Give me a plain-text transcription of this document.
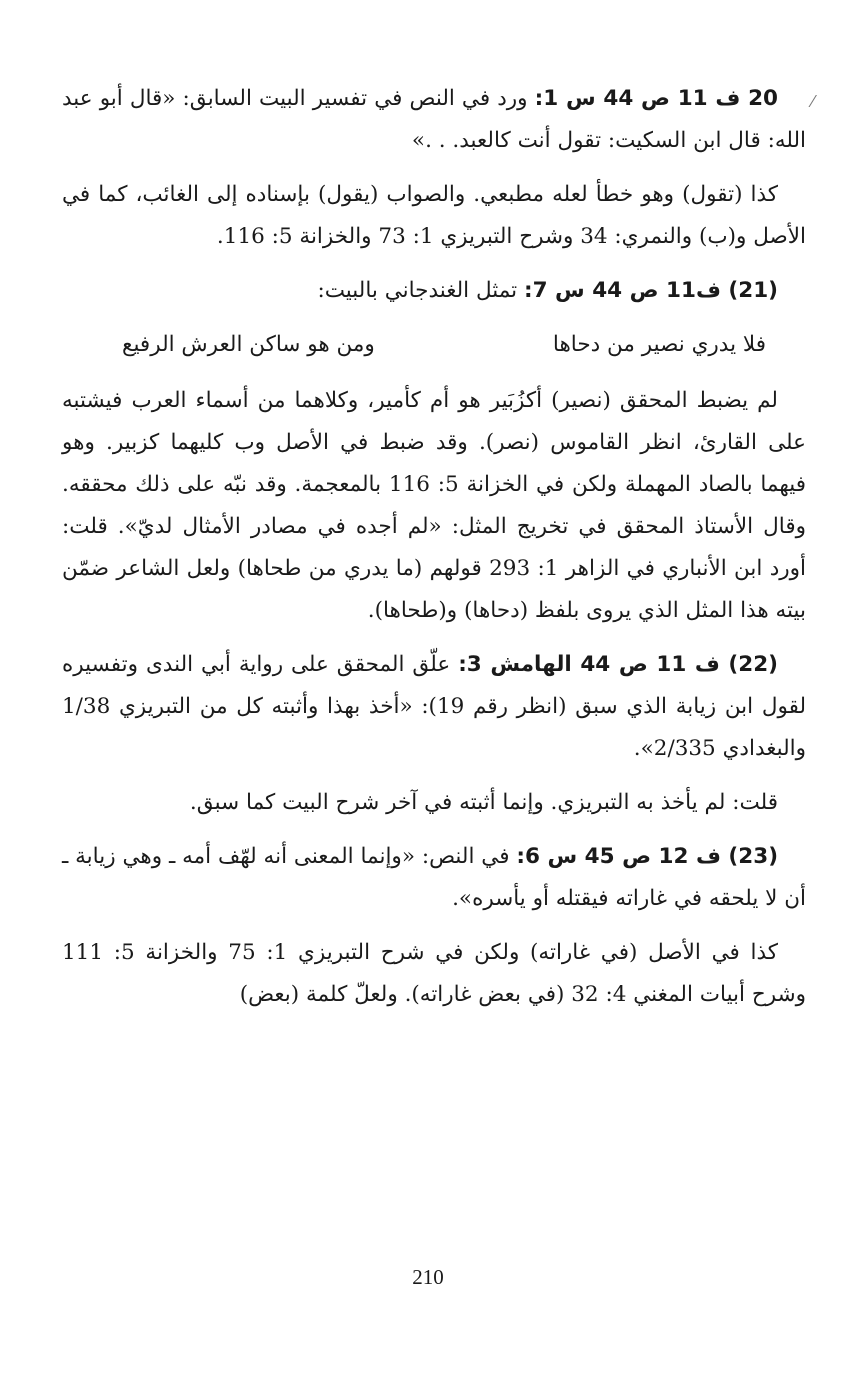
⁄

20 ف 11 ص 44 س 1: ورد في النص في تفسير البيت السابق: «قال أبو عبد الله: قال ابن السكيت: تقول أنت كالعبد. . .»

كذا (تقول) وهو خطأ لعله مطبعي. والصواب (يقول) بإسناده إلى الغائب، كما في الأصل و(ب) والنمري: 34 وشرح التبريزي 1: 73 والخزانة 5: 116.

(21) ف11 ص 44 س 7: تمثل الغندجاني بالبيت:

فلا يدري نصير من دحاها
ومن هو ساكن العرش الرفيع

لم يضبط المحقق (نصير) أكزُبَير هو أم كأمير، وكلاهما من أسماء العرب فيشتبه على القارئ، انظر القاموس (نصر). وقد ضبط في الأصل وب كليهما كزبير. وهو فيهما بالصاد المهملة ولكن في الخزانة 5: 116 بالمعجمة. وقد نبّه على ذلك محققه. وقال الأستاذ المحقق في تخريج المثل: «لم أجده في مصادر الأمثال لديّ». قلت: أورد ابن الأنباري في الزاهر 1: 293 قولهم (ما يدري من طحاها) ولعل الشاعر ضمّن بيته هذا المثل الذي يروى بلفظ (دحاها) و(طحاها).

(22) ف 11 ص 44 الهامش 3: علّق المحقق على رواية أبي الندى وتفسيره لقول ابن زيابة الذي سبق (انظر رقم 19): «أخذ بهذا وأثبته كل من التبريزي 1/38 والبغدادي 2/335».

قلت: لم يأخذ به التبريزي. وإنما أثبته في آخر شرح البيت كما سبق.

(23) ف 12 ص 45 س 6: في النص: «وإنما المعنى أنه لهّف أمه ـ وهي زيابة ـ أن لا يلحقه في غاراته فيقتله أو يأسره».

كذا في الأصل (في غاراته) ولكن في شرح التبريزي 1: 75 والخزانة 5: 111 وشرح أبيات المغني 4: 32 (في بعض غاراته). ولعلّ كلمة (بعض)

210
